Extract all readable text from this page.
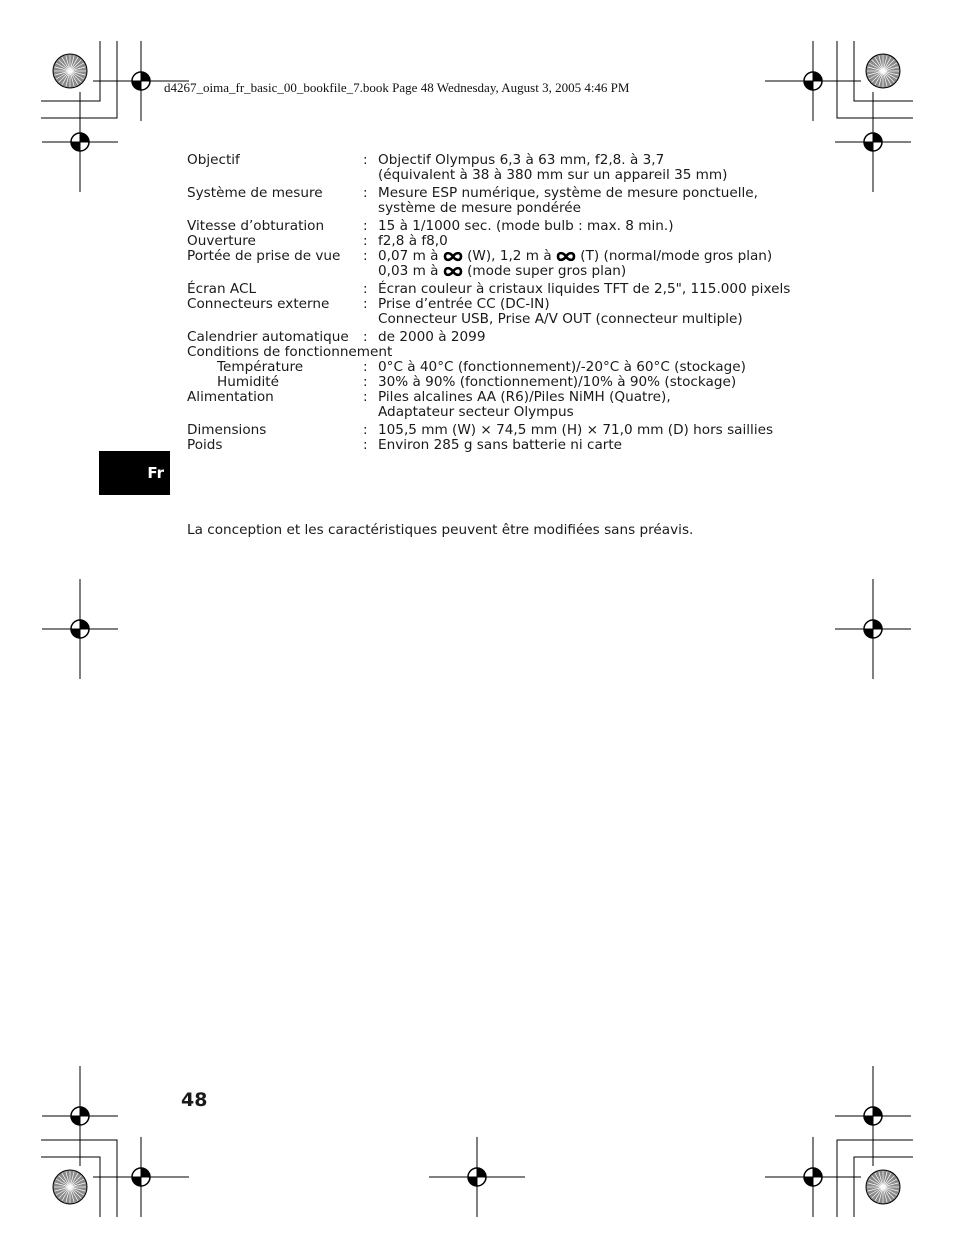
d4267_oima_fr_basic_00_bookfile_7.book Page 48 Wednesday, August 3, 2005 4:46 PM
Objectif	: Objectif Olympus 6,3 à 63 mm, f2,8. à 3,7
(équivalent à 38 à 380 mm sur un appareil 35 mm)
Système de mesure	: Mesure ESP numérique, système de mesure ponctuelle,
système de mesure pondérée
Vitesse d’obturation	: 15 à 1/1000 sec. (mode bulb : max. 8 min.)
Ouverture	: f2,8 à f8,0
Portée de prise de vue	: 0,07 m à  (W), 1,2 m à  (T) (normal/mode gros plan)
0,03 m à  (mode super gros plan)
Écran ACL	: Écran couleur à cristaux liquides TFT de 2,5", 115.000 pixels
Connecteurs externe	: Prise d’entrée CC (DC-IN)
Connecteur USB, Prise A/V OUT (connecteur multiple)
Calendrier automatique	: de 2000 à 2099
Conditions de fonctionnement
Température	: 0°C à 40°C (fonctionnement)/-20°C à 60°C (stockage)
Humidité	: 30% à 90% (fonctionnement)/10% à 90% (stockage)
Alimentation	: Piles alcalines AA (R6)/Piles NiMH (Quatre),
Adaptateur secteur Olympus
Dimensions	: 105,5 mm (W) × 74,5 mm (H) × 71,0 mm (D) hors saillies
Poids	: Environ 285 g sans batterie ni carte
La conception et les caractéristiques peuvent être modifiées sans préavis.
Fr
48
